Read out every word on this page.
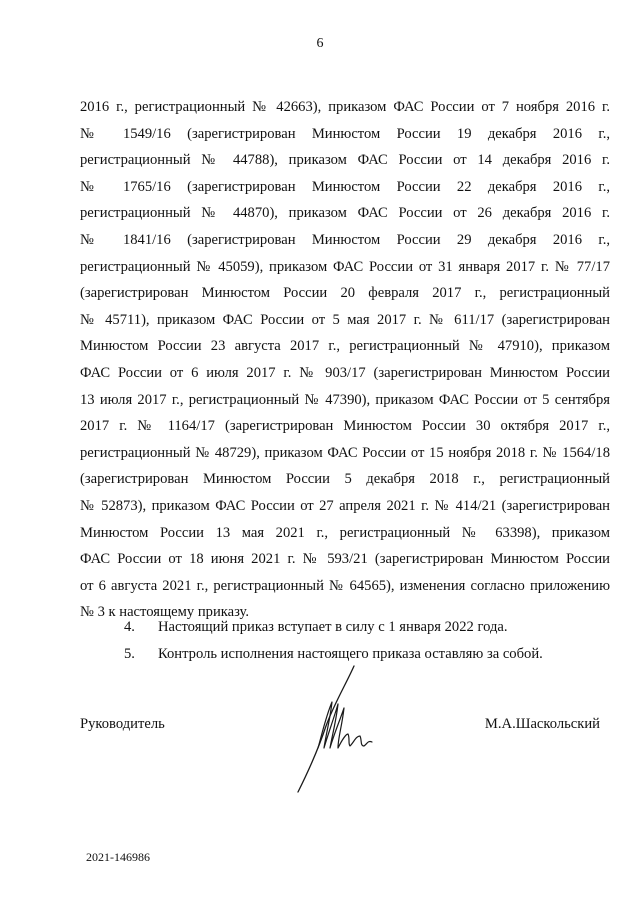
6
2016 г., регистрационный № 42663), приказом ФАС России от 7 ноября 2016 г.
№ 1549/16 (зарегистрирован Минюстом России 19 декабря 2016 г.,
регистрационный № 44788), приказом ФАС России от 14 декабря 2016 г.
№ 1765/16 (зарегистрирован Минюстом России 22 декабря 2016 г.,
регистрационный № 44870), приказом ФАС России от 26 декабря 2016 г.
№ 1841/16 (зарегистрирован Минюстом России 29 декабря 2016 г.,
регистрационный № 45059), приказом ФАС России от 31 января 2017 г. № 77/17
(зарегистрирован Минюстом России 20 февраля 2017 г., регистрационный
№ 45711), приказом ФАС России от 5 мая 2017 г. № 611/17 (зарегистрирован
Минюстом России 23 августа 2017 г., регистрационный № 47910), приказом
ФАС России от 6 июля 2017 г. № 903/17 (зарегистрирован Минюстом России
13 июля 2017 г., регистрационный № 47390), приказом ФАС России от 5 сентября
2017 г. № 1164/17 (зарегистрирован Минюстом России 30 октября 2017 г.,
регистрационный № 48729), приказом ФАС России от 15 ноября 2018 г. № 1564/18
(зарегистрирован Минюстом России 5 декабря 2018 г., регистрационный
№ 52873), приказом ФАС России от 27 апреля 2021 г. № 414/21 (зарегистрирован
Минюстом России 13 мая 2021 г., регистрационный № 63398), приказом
ФАС России от 18 июня 2021 г. № 593/21 (зарегистрирован Минюстом России
от 6 августа 2021 г., регистрационный № 64565), изменения согласно приложению
№ 3 к настоящему приказу.
4.	Настоящий приказ вступает в силу с 1 января 2022 года.
5.	Контроль исполнения настоящего приказа оставляю за собой.
Руководитель	М.А.Шаскольский
2021-146986
